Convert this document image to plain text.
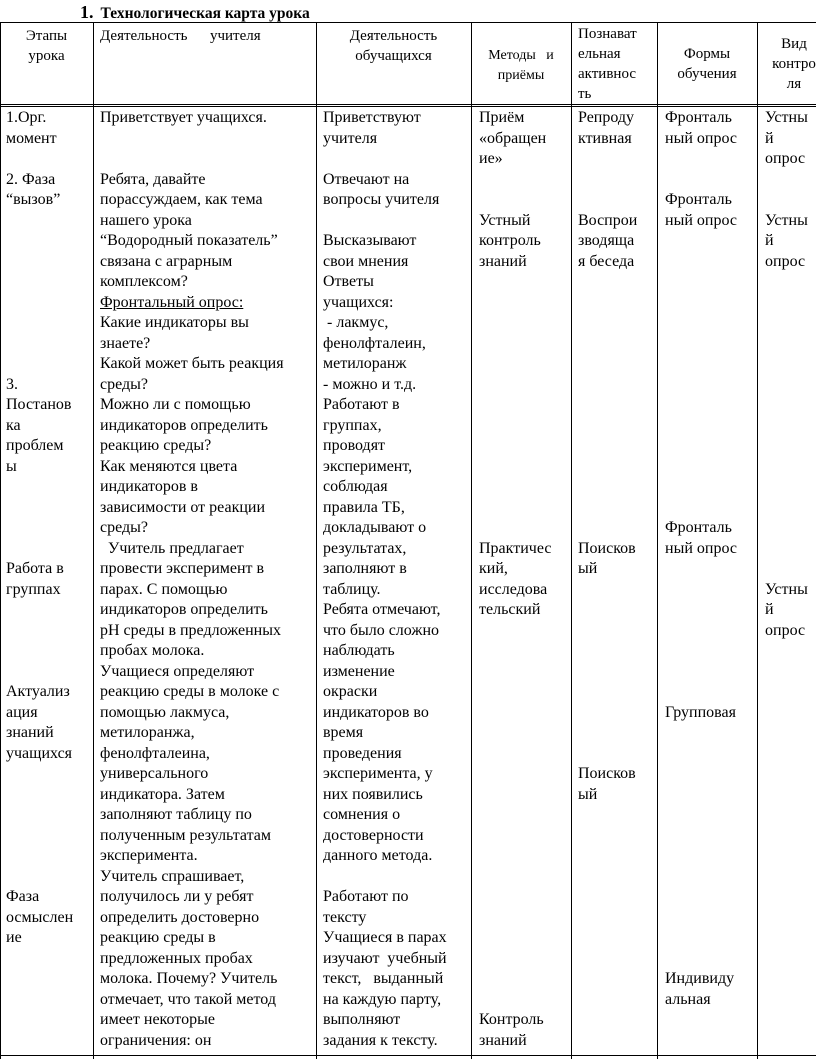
1. Технологическая карта урока
Этапы
урока
Деятельность      учителя	Деятельность
обучащихся	Методы   и
приёмы
Познават
ельная
активнос
ть
Формы
обучения
Вид
контро
ля
1.Орг.
момент
2. Фаза
“вызов”
3.
Постанов
ка
проблем
ы
Работа в
группах
Актуализ
ация
знаний
учащихся
Фаза
осмыслен
ие
Приветствует учащихся.
Ребята, давайте
порассуждаем, как тема
нашего урока
“Водородный показатель”
связана с аграрным
комплексом?
Фронтальный опрос:
Какие индикаторы вы
знаете?
Какой может быть реакция
среды?
Можно ли с помощью
индикаторов определить
реакцию среды?
Как меняются цвета
индикаторов в
зависимости от реакции
среды?
Учитель предлагает
провести эксперимент в
парах. С помощью
индикаторов определить
pH среды в предложенных
пробах молока.
Учащиеся определяют
реакцию среды в молоке с
помощью лакмуса,
метилоранжа,
фенолфталеина,
универсального
индикатора. Затем
заполняют таблицу по
полученным результатам
эксперимента.
Учитель спрашивает,
получилось ли у ребят
определить достоверно
реакцию среды в
предложенных пробах
молока. Почему? Учитель
отмечает, что такой метод
имеет некоторые
ограничения: он
Приветствуют
учителя
Отвечают на
вопросы учителя
Высказывают
свои мнения
Ответы
учащихся:
- лакмус,
фенолфталеин,
метилоранж
- можно и т.д.
Работают в
группах,
проводят
эксперимент,
соблюдая
правила ТБ,
докладывают о
результатах,
заполняют в
таблицу.
Ребята отмечают,
что было сложно
наблюдать
изменение
окраски
индикаторов во
время
проведения
эксперимента, у
них появились
сомнения о
достоверности
данного метода.
Работают по
тексту
Учащиеся в парах
изучают  учебный
текст,   выданный
на каждую парту,
выполняют
задания к тексту.
Приём
«обращен
ие»
Устный
контроль
знаний
Практичес
кий,
исследова
тельский
Контроль
знаний
Репроду
ктивная
Воспрои
зводяща
я беседа
Поисков
ый
Поисков
ый
Фронталь
ный опрос
Фронталь
ный опрос
Фронталь
ный опрос
Групповая
Индивиду
альная
Устны
й
опрос
Устны
й
опрос
Устны
й
опрос
